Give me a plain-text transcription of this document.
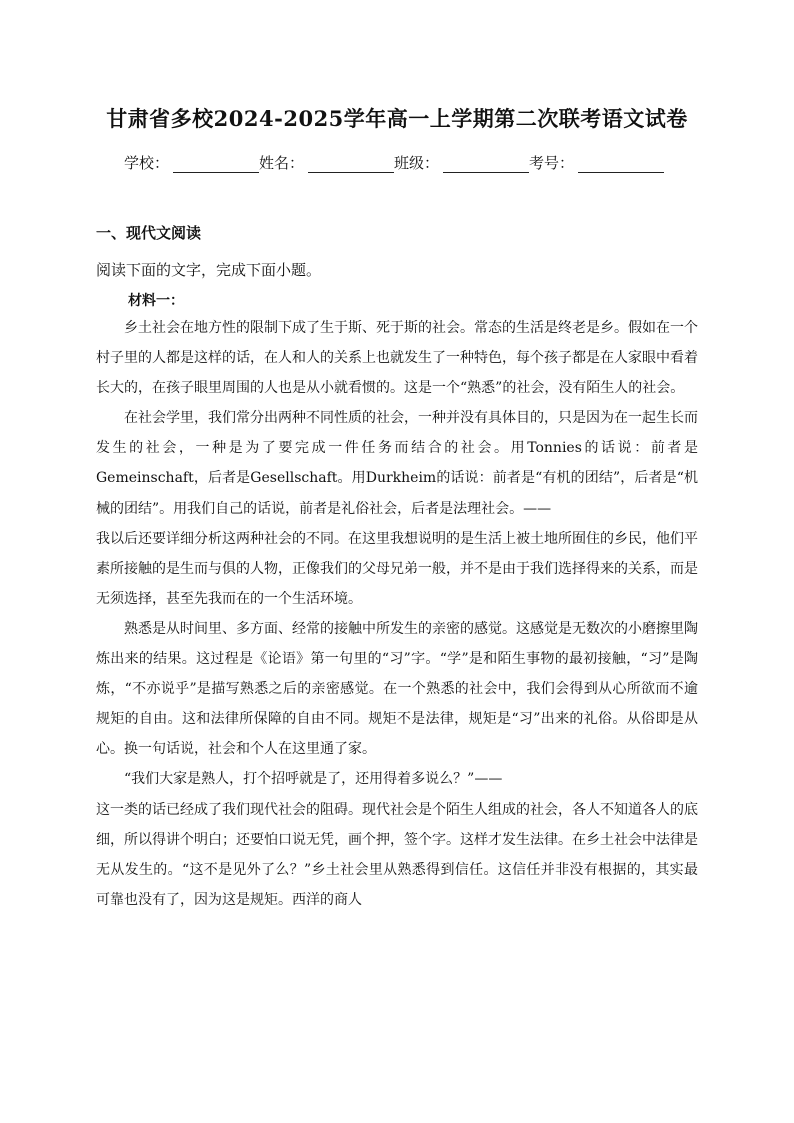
甘肃省多校2024-2025学年高一上学期第二次联考语文试卷
学校：	姓名：	班级：	考号：
一、现代文阅读
阅读下面的文字，完成下面小题。
材料一：

乡土社会在地方性的限制下成了生于斯、死于斯的社会。常态的生活是终老是乡。假如在一个村子里的人都是这样的话，在人和人的关系上也就发生了一种特色，每个孩子都是在人家眼中看着长大的，在孩子眼里周围的人也是从小就看惯的。这是一个“熟悉”的社会，没有陌生人的社会。

在社会学里，我们常分出两种不同性质的社会，一种并没有具体目的，只是因为在一起生长而发生的社会，一种是为了要完成一件任务而结合的社会。用Tonnies的话说：前者是Gemeinschaft，后者是Gesellschaft。用Durkheim的话说：前者是“有机的团结”，后者是“机械的团结”。用我们自己的话说，前者是礼俗社会，后者是法理社会。——

我以后还要详细分析这两种社会的不同。在这里我想说明的是生活上被土地所囿住的乡民，他们平素所接触的是生而与俱的人物，正像我们的父母兄弟一般，并不是由于我们选择得来的关系，而是无须选择，甚至先我而在的一个生活环境。

熟悉是从时间里、多方面、经常的接触中所发生的亲密的感觉。这感觉是无数次的小磨擦里陶炼出来的结果。这过程是《论语》第一句里的“习”字。“学”是和陌生事物的最初接触，“习”是陶炼，“不亦说乎”是描写熟悉之后的亲密感觉。在一个熟悉的社会中，我们会得到从心所欲而不逾规矩的自由。这和法律所保障的自由不同。规矩不是法律，规矩是“习”出来的礼俗。从俗即是从心。换一句话说，社会和个人在这里通了家。

“我们大家是熟人，打个招呼就是了，还用得着多说么？”——

这一类的话已经成了我们现代社会的阻碍。现代社会是个陌生人组成的社会，各人不知道各人的底细，所以得讲个明白；还要怕口说无凭，画个押，签个字。这样才发生法律。在乡土社会中法律是无从发生的。“这不是见外了么？”乡土社会里从熟悉得到信任。这信任并非没有根据的，其实最可靠也没有了，因为这是规矩。西洋的商人
